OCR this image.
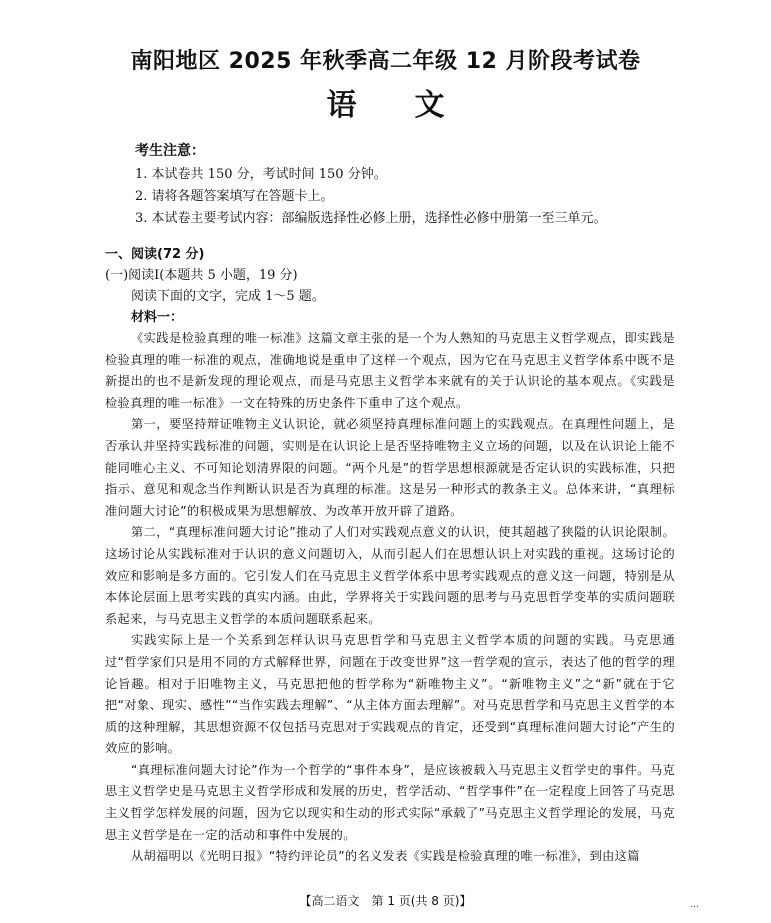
南阳地区 2025 年秋季高二年级 12 月阶段考试卷
语文
考生注意：
1. 本试卷共 150 分，考试时间 150 分钟。
2. 请将各题答案填写在答题卡上。
3. 本试卷主要考试内容：部编版选择性必修上册，选择性必修中册第一至三单元。
一、阅读(72 分)
(一)阅读Ⅰ(本题共 5 小题，19 分)
阅读下面的文字，完成 1～5 题。
材料一：

《实践是检验真理的唯一标准》这篇文章主张的是一个为人熟知的马克思主义哲学观点，即实践是检验真理的唯一标准的观点，准确地说是重申了这样一个观点，因为它在马克思主义哲学体系中既不是新提出的也不是新发现的理论观点，而是马克思主义哲学本来就有的关于认识论的基本观点。《实践是检验真理的唯一标准》一文在特殊的历史条件下重申了这个观点。

第一，要坚持辩证唯物主义认识论，就必须坚持真理标准问题上的实践观点。在真理性问题上，是否承认并坚持实践标准的问题，实则是在认识论上是否坚持唯物主义立场的问题，以及在认识论上能不能同唯心主义、不可知论划清界限的问题。“两个凡是”的哲学思想根源就是否定认识的实践标准，只把指示、意见和观念当作判断认识是否为真理的标准。这是另一种形式的教条主义。总体来讲，“真理标准问题大讨论”的积极成果为思想解放、为改革开放开辟了道路。

第二，“真理标准问题大讨论”推动了人们对实践观点意义的认识，使其超越了狭隘的认识论限制。这场讨论从实践标准对于认识的意义问题切入，从而引起人们在思想认识上对实践的重视。这场讨论的效应和影响是多方面的。它引发人们在马克思主义哲学体系中思考实践观点的意义这一问题，特别是从本体论层面上思考实践的真实内涵。由此，学界将关于实践问题的思考与马克思哲学变革的实质问题联系起来，与马克思主义哲学的本质问题联系起来。

实践实际上是一个关系到怎样认识马克思哲学和马克思主义哲学本质的问题的实践。马克思通过“哲学家们只是用不同的方式解释世界，问题在于改变世界”这一哲学观的宣示，表达了他的哲学的理论旨趣。相对于旧唯物主义，马克思把他的哲学称为“新唯物主义”。“新唯物主义”之“新”就在于它把“对象、现实、感性”“当作实践去理解”、“从主体方面去理解”。对马克思哲学和马克思主义哲学的本质的这种理解，其思想资源不仅包括马克思对于实践观点的肯定，还受到“真理标准问题大讨论”产生的效应的影响。

“真理标准问题大讨论”作为一个哲学的“事件本身”，是应该被载入马克思主义哲学史的事件。马克思主义哲学史是马克思主义哲学形成和发展的历史，哲学活动、“哲学事件”在一定程度上回答了马克思主义哲学怎样发展的问题，因为它以现实和生动的形式实际“承载了”马克思主义哲学理论的发展，马克思主义哲学是在一定的活动和事件中发展的。

从胡福明以《光明日报》“特约评论员”的名义发表《实践是检验真理的唯一标准》，到由这篇

【高二语文　第 1 页(共 8 页)】	…
